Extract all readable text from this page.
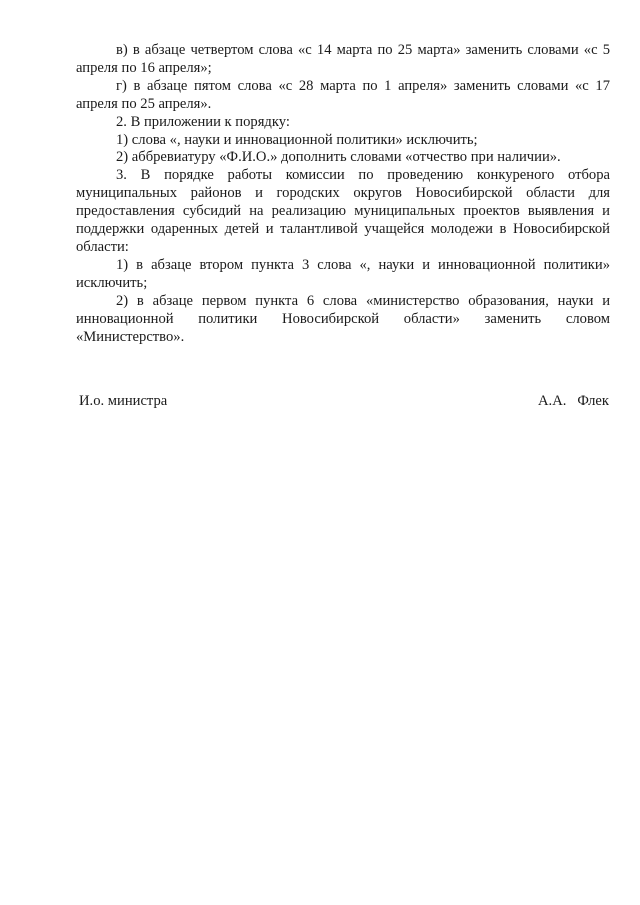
в) в абзаце четвертом слова «с 14 марта по 25 марта» заменить словами «с 5 апреля по 16 апреля»;

г) в абзаце пятом слова «с 28 марта по 1 апреля» заменить словами «с 17 апреля по 25 апреля».

2. В приложении к порядку:

1) слова «, науки и инновационной политики» исключить;

2) аббревиатуру «Ф.И.О.» дополнить словами «отчество при наличии».

3. В порядке работы комиссии по проведению конкуреного отбора муниципальных районов и городских округов Новосибирской области для предоставления субсидий на реализацию муниципальных проектов выявления и поддержки одаренных детей и талантливой учащейся молодежи в Новосибирской области:

1) в абзаце втором пункта 3 слова «, науки и инновационной политики» исключить;

2) в абзаце первом пункта 6 слова «министерство образования, науки и инновационной политики Новосибирской области» заменить словом «Министерство».

И.о. министра	А.А.   Флек
